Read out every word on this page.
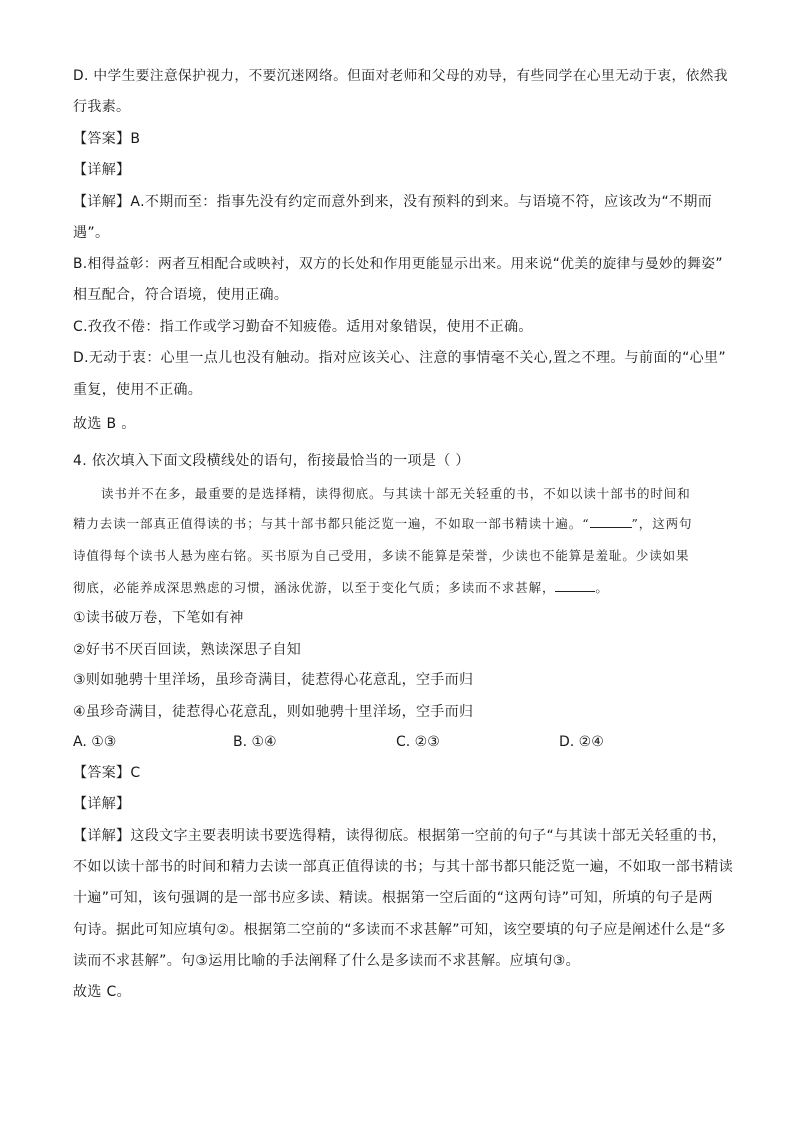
D. 中学生要注意保护视力，不要沉迷网络。但面对老师和父母的劝导，有些同学在心里无动于衷，依然我
行我素。
【答案】B
【详解】
【详解】A.不期而至：指事先没有约定而意外到来，没有预料的到来。与语境不符，应该改为“不期而
遇”。
B.相得益彰：两者互相配合或映衬，双方的长处和作用更能显示出来。用来说“优美的旋律与曼妙的舞姿”
相互配合，符合语境，使用正确。
C.孜孜不倦：指工作或学习勤奋不知疲倦。适用对象错误，使用不正确。
D.无动于衷：心里一点儿也没有触动。指对应该关心、注意的事情毫不关心,置之不理。与前面的“心里”
重复，使用不正确。
故选 B 。
4. 依次填入下面文段横线处的语句，衔接最恰当的一项是（ ）
读书并不在多，最重要的是选择精，读得彻底。与其读十部无关轻重的书，不如以读十部书的时间和
精力去读一部真正值得读的书；与其十部书都只能泛览一遍，不如取一部书精读十遍。“	”，这两句
诗值得每个读书人悬为座右铭。买书原为自己受用，多读不能算是荣誉，少读也不能算是羞耻。少读如果
彻底，必能养成深思熟虑的习惯，涵泳优游，以至于变化气质；多读而不求甚解，	。
①读书破万卷，下笔如有神
②好书不厌百回读，熟读深思子自知
③则如驰骋十里洋场，虽珍奇满目，徒惹得心花意乱，空手而归
④虽珍奇满目，徒惹得心花意乱，则如驰骋十里洋场，空手而归
A. ①③	B. ①④	C. ②③	D. ②④
【答案】C
【详解】
【详解】这段文字主要表明读书要选得精，读得彻底。根据第一空前的句子“与其读十部无关轻重的书，
不如以读十部书的时间和精力去读一部真正值得读的书；与其十部书都只能泛览一遍，不如取一部书精读
十遍”可知，该句强调的是一部书应多读、精读。根据第一空后面的“这两句诗”可知，所填的句子是两
句诗。据此可知应填句②。根据第二空前的“多读而不求甚解”可知，该空要填的句子应是阐述什么是“多
读而不求甚解”。句③运用比喻的手法阐释了什么是多读而不求甚解。应填句③。
故选 C。
